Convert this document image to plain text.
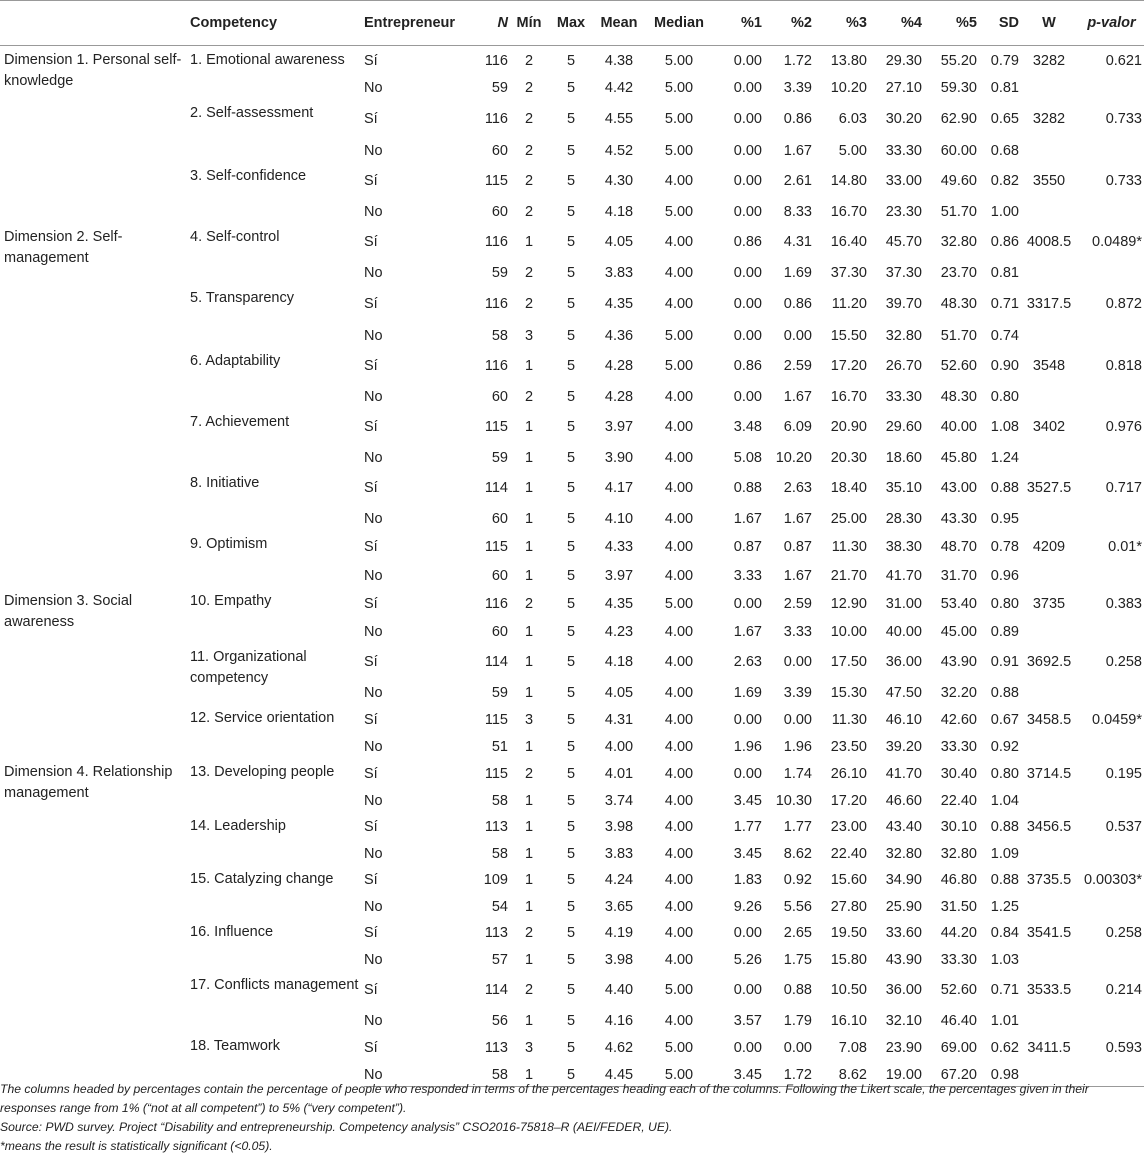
	Competency	Entrepreneur	N	Mín	Max	Mean	Median	%1	%2	%3	%4	%5	SD	W	p-valor
Dimension 1. Personal self-knowledge	1. Emotional awareness	Sí	116	2	5	4.38	5.00	0.00	1.72	13.80	29.30	55.20	0.79	3282	0.621
		No	59	2	5	4.42	5.00	0.00	3.39	10.20	27.10	59.30	0.81		
	2. Self-assessment	Sí	116	2	5	4.55	5.00	0.00	0.86	6.03	30.20	62.90	0.65	3282	0.733
		No	60	2	5	4.52	5.00	0.00	1.67	5.00	33.30	60.00	0.68		
	3. Self-confidence	Sí	115	2	5	4.30	4.00	0.00	2.61	14.80	33.00	49.60	0.82	3550	0.733
		No	60	2	5	4.18	5.00	0.00	8.33	16.70	23.30	51.70	1.00		
Dimension 2. Self-management	4. Self-control	Sí	116	1	5	4.05	4.00	0.86	4.31	16.40	45.70	32.80	0.86	4008.5	0.0489*
		No	59	2	5	3.83	4.00	0.00	1.69	37.30	37.30	23.70	0.81		
	5. Transparency	Sí	116	2	5	4.35	4.00	0.00	0.86	11.20	39.70	48.30	0.71	3317.5	0.872
		No	58	3	5	4.36	5.00	0.00	0.00	15.50	32.80	51.70	0.74		
	6. Adaptability	Sí	116	1	5	4.28	5.00	0.86	2.59	17.20	26.70	52.60	0.90	3548	0.818
		No	60	2	5	4.28	4.00	0.00	1.67	16.70	33.30	48.30	0.80		
	7. Achievement	Sí	115	1	5	3.97	4.00	3.48	6.09	20.90	29.60	40.00	1.08	3402	0.976
		No	59	1	5	3.90	4.00	5.08	10.20	20.30	18.60	45.80	1.24		
	8. Initiative	Sí	114	1	5	4.17	4.00	0.88	2.63	18.40	35.10	43.00	0.88	3527.5	0.717
		No	60	1	5	4.10	4.00	1.67	1.67	25.00	28.30	43.30	0.95		
	9. Optimism	Sí	115	1	5	4.33	4.00	0.87	0.87	11.30	38.30	48.70	0.78	4209	0.01*
		No	60	1	5	3.97	4.00	3.33	1.67	21.70	41.70	31.70	0.96		
Dimension 3. Social awareness	10. Empathy	Sí	116	2	5	4.35	5.00	0.00	2.59	12.90	31.00	53.40	0.80	3735	0.383
		No	60	1	5	4.23	4.00	1.67	3.33	10.00	40.00	45.00	0.89		
	11. Organizational competency	Sí	114	1	5	4.18	4.00	2.63	0.00	17.50	36.00	43.90	0.91	3692.5	0.258
		No	59	1	5	4.05	4.00	1.69	3.39	15.30	47.50	32.20	0.88		
	12. Service orientation	Sí	115	3	5	4.31	4.00	0.00	0.00	11.30	46.10	42.60	0.67	3458.5	0.0459*
		No	51	1	5	4.00	4.00	1.96	1.96	23.50	39.20	33.30	0.92		
Dimension 4. Relationship management	13. Developing people	Sí	115	2	5	4.01	4.00	0.00	1.74	26.10	41.70	30.40	0.80	3714.5	0.195
		No	58	1	5	3.74	4.00	3.45	10.30	17.20	46.60	22.40	1.04		
	14. Leadership	Sí	113	1	5	3.98	4.00	1.77	1.77	23.00	43.40	30.10	0.88	3456.5	0.537
		No	58	1	5	3.83	4.00	3.45	8.62	22.40	32.80	32.80	1.09		
	15. Catalyzing change	Sí	109	1	5	4.24	4.00	1.83	0.92	15.60	34.90	46.80	0.88	3735.5	0.00303*
		No	54	1	5	3.65	4.00	9.26	5.56	27.80	25.90	31.50	1.25		
	16. Influence	Sí	113	2	5	4.19	4.00	0.00	2.65	19.50	33.60	44.20	0.84	3541.5	0.258
		No	57	1	5	3.98	4.00	5.26	1.75	15.80	43.90	33.30	1.03		
	17. Conflicts management	Sí	114	2	5	4.40	5.00	0.00	0.88	10.50	36.00	52.60	0.71	3533.5	0.214
		No	56	1	5	4.16	4.00	3.57	1.79	16.10	32.10	46.40	1.01		
	18. Teamwork	Sí	113	3	5	4.62	5.00	0.00	0.00	7.08	23.90	69.00	0.62	3411.5	0.593
		No	58	1	5	4.45	5.00	3.45	1.72	8.62	19.00	67.20	0.98		

The columns headed by percentages contain the percentage of people who responded in terms of the percentages heading each of the columns. Following the Likert scale, the percentages given in their responses range from 1% (“not at all competent”) to 5% (“very competent”).

Source: PWD survey. Project “Disability and entrepreneurship. Competency analysis” CSO2016-75818–R (AEI/FEDER, UE).

*means the result is statistically significant (<0.05).
